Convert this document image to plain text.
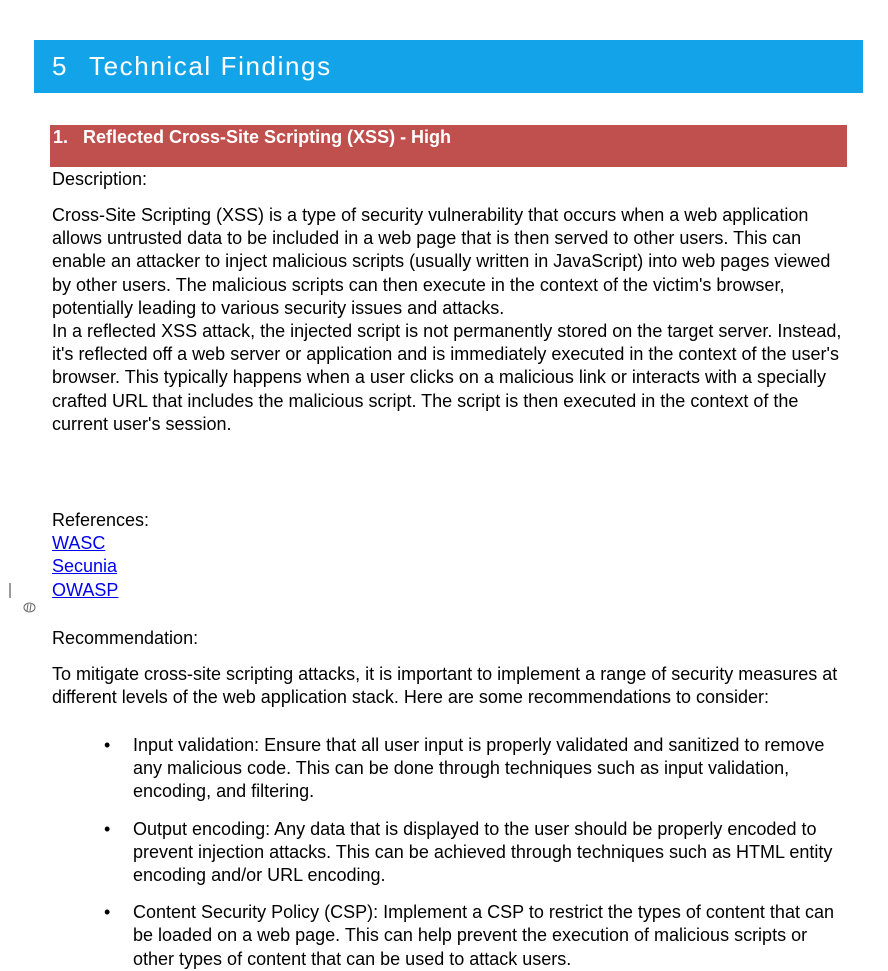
5 Technical Findings
1. Reflected Cross-Site Scripting (XSS) - High
Description:

Cross-Site Scripting (XSS) is a type of security vulnerability that occurs when a web application allows untrusted data to be included in a web page that is then served to other users. This can enable an attacker to inject malicious scripts (usually written in JavaScript) into web pages viewed by other users. The malicious scripts can then execute in the context of the victim's browser, potentially leading to various security issues and attacks.

In a reflected XSS attack, the injected script is not permanently stored on the target server. Instead, it's reflected off a web server or application and is immediately executed in the context of the user's browser. This typically happens when a user clicks on a malicious link or interacts with a specially crafted URL that includes the malicious script. The script is then executed in the context of the current user's session.

References:
WASC
Secunia
OWASP
Recommendation:

To mitigate cross-site scripting attacks, it is important to implement a range of security measures at different levels of the web application stack. Here are some recommendations to consider:

• Input validation: Ensure that all user input is properly validated and sanitized to remove any malicious code. This can be done through techniques such as input validation, encoding, and filtering.
• Output encoding: Any data that is displayed to the user should be properly encoded to prevent injection attacks. This can be achieved through techniques such as HTML entity encoding and/or URL encoding.
• Content Security Policy (CSP): Implement a CSP to restrict the types of content that can be loaded on a web page. This can help prevent the execution of malicious scripts or other types of content that can be used to attack users.
